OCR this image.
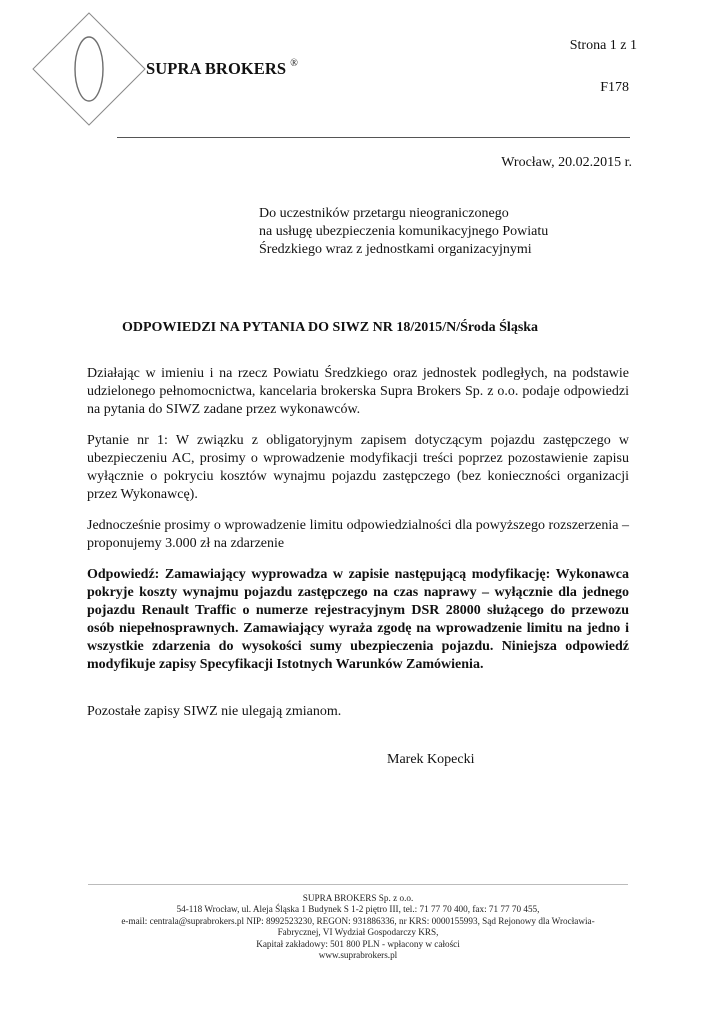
SUPRA BROKERS ®
Strona 1 z 1
F178
Wrocław, 20.02.2015 r.
Do uczestników przetargu nieograniczonego
na usługę ubezpieczenia komunikacyjnego Powiatu
Średzkiego wraz z jednostkami organizacyjnymi
ODPOWIEDZI NA PYTANIA DO SIWZ NR 18/2015/N/Środa Śląska
Działając w imieniu i na rzecz Powiatu Średzkiego oraz jednostek podległych, na podstawie udzielonego pełnomocnictwa, kancelaria brokerska Supra Brokers Sp. z o.o. podaje odpowiedzi na pytania do SIWZ zadane przez wykonawców.
Pytanie nr 1: W związku z obligatoryjnym zapisem dotyczącym pojazdu zastępczego w ubezpieczeniu AC, prosimy o wprowadzenie modyfikacji treści poprzez pozostawienie zapisu wyłącznie o pokryciu kosztów wynajmu pojazdu zastępczego (bez konieczności organizacji przez Wykonawcę).
Jednocześnie prosimy o wprowadzenie limitu odpowiedzialności dla powyższego rozszerzenia – proponujemy 3.000 zł na zdarzenie
Odpowiedź: Zamawiający wyprowadza w zapisie następującą modyfikację: Wykonawca pokryje koszty wynajmu pojazdu zastępczego na czas naprawy – wyłącznie dla jednego pojazdu Renault Traffic o numerze rejestracyjnym DSR 28000 służącego do przewozu osób niepełnosprawnych. Zamawiający wyraża zgodę na wprowadzenie limitu na jedno i wszystkie zdarzenia do wysokości sumy ubezpieczenia pojazdu. Niniejsza odpowiedź modyfikuje zapisy Specyfikacji Istotnych Warunków Zamówienia.
Pozostałe zapisy SIWZ nie ulegają zmianom.
Marek Kopecki
SUPRA BROKERS Sp. z o.o.
54-118 Wrocław, ul. Aleja Śląska 1 Budynek S 1-2 piętro III, tel.: 71 77 70 400, fax: 71 77 70 455,
e-mail: centrala@suprabrokers.pl NIP: 8992523230, REGON: 931886336, nr KRS: 0000155993, Sąd Rejonowy dla Wrocławia-
Fabrycznej, VI Wydział Gospodarczy KRS,
Kapitał zakładowy: 501 800 PLN - wpłacony w całości
www.suprabrokers.pl
